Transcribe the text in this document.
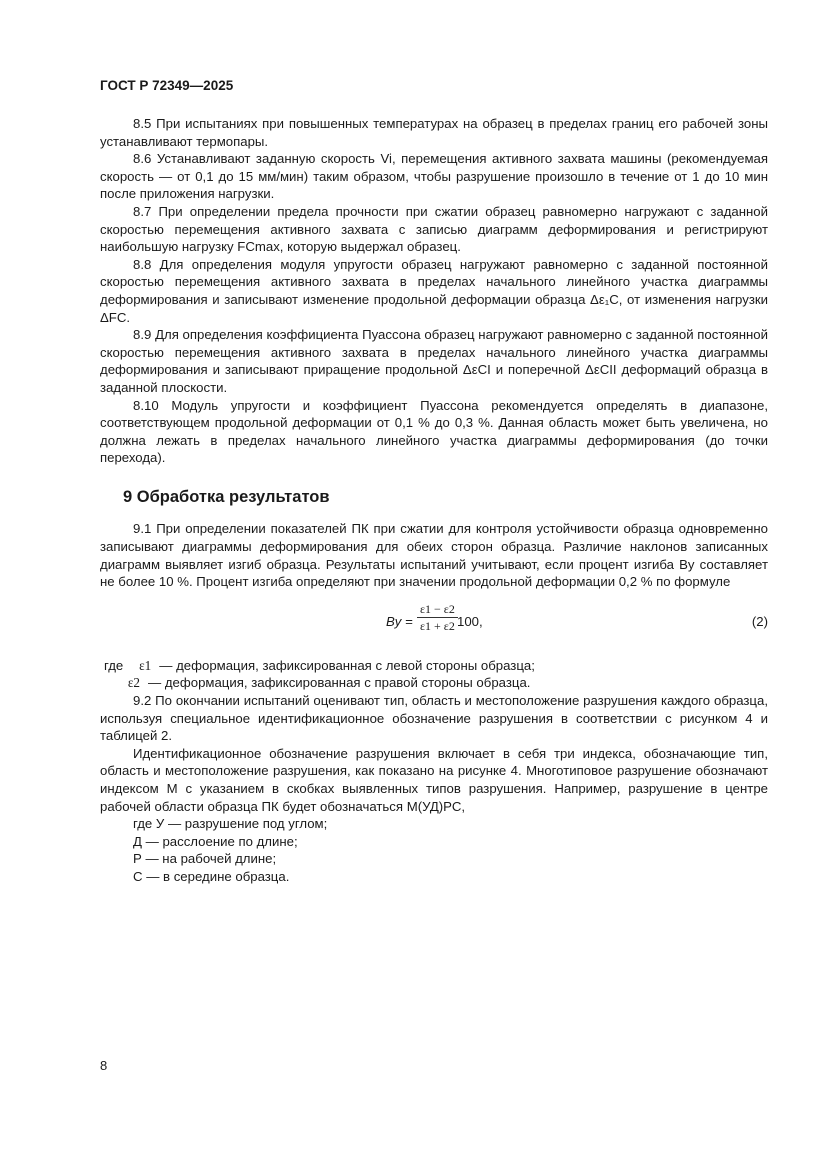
ГОСТ Р 72349—2025

8.5 При испытаниях при повышенных температурах на образец в пределах границ его рабочей зоны устанавливают термопары.

8.6 Устанавливают заданную скорость Vi, перемещения активного захвата машины (рекомендуемая скорость — от 0,1 до 15 мм/мин) таким образом, чтобы разрушение произошло в течение от 1 до 10 мин после приложения нагрузки.

8.7 При определении предела прочности при сжатии образец равномерно нагружают с заданной скоростью перемещения активного захвата с записью диаграмм деформирования и регистрируют наибольшую нагрузку FCmax, которую выдержал образец.

8.8 Для определения модуля упругости образец нагружают равномерно с заданной постоянной скоростью перемещения активного захвата в пределах начального линейного участка диаграммы деформирования и записывают изменение продольной деформации образца Δε₁C, от изменения нагрузки ΔFC.

8.9 Для определения коэффициента Пуассона образец нагружают равномерно с заданной постоянной скоростью перемещения активного захвата в пределах начального линейного участка диаграммы деформирования и записывают приращение продольной ΔεCI и поперечной ΔεCII деформаций образца в заданной плоскости.

8.10 Модуль упругости и коэффициент Пуассона рекомендуется определять в диапазоне, соответствующем продольной деформации от 0,1 % до 0,3 %. Данная область может быть увеличена, но должна лежать в пределах начального линейного участка диаграммы деформирования (до точки перехода).

9 Обработка результатов

9.1 При определении показателей ПК при сжатии для контроля устойчивости образца одновременно записывают диаграммы деформирования для обеих сторон образца. Различие наклонов записанных диаграмм выявляет изгиб образца. Результаты испытаний учитывают, если процент изгиба By составляет не более 10 %. Процент изгиба определяют при значении продольной деформации 0,2 % по формуле

$By = \frac{\varepsilon 1 - \varepsilon 2}{\varepsilon 1 + \varepsilon 2} 100$,	(2)
где	ε1 — деформация, зафиксированная с левой стороны образца;
ε2 — деформация, зафиксированная с правой стороны образца.

9.2 По окончании испытаний оценивают тип, область и местоположение разрушения каждого образца, используя специальное идентификационное обозначение разрушения в соответствии с рисунком 4 и таблицей 2.

Идентификационное обозначение разрушения включает в себя три индекса, обозначающие тип, область и местоположение разрушения, как показано на рисунке 4. Многотиповое разрушение обозначают индексом М с указанием в скобках выявленных типов разрушения. Например, разрушение в центре рабочей области образца ПК будет обозначаться М(УД)РС,

где У — разрушение под углом;
Д — расслоение по длине;
Р — на рабочей длине;
С — в середине образца.
8
